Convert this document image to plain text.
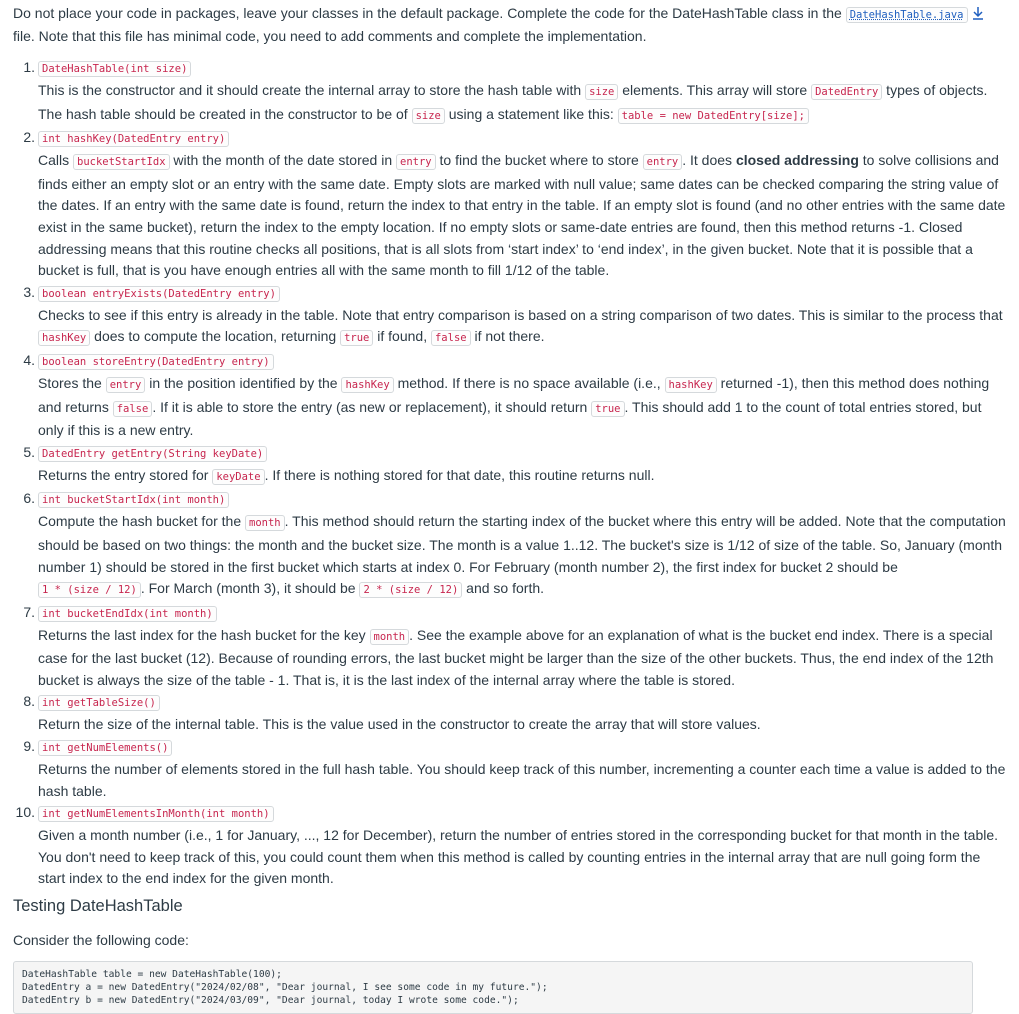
Do not place your code in packages, leave your classes in the default package. Complete the code for the DateHashTable class in the DateHashTable.java file. Note that this file has minimal code, you need to add comments and complete the implementation.

1. DateHashTable(int size)

This is the constructor and it should create the internal array to store the hash table with size elements. This array will store DatedEntry types of objects. The hash table should be created in the constructor to be of size using a statement like this: table = new DatedEntry[size];

2. int hashKey(DatedEntry entry)

Calls bucketStartIdx with the month of the date stored in entry to find the bucket where to store entry . It does closed addressing to solve collisions and finds either an empty slot or an entry with the same date. Empty slots are marked with null value; same dates can be checked comparing the string value of the dates. If an entry with the same date is found, return the index to that entry in the table. If an empty slot is found (and no other entries with the same date exist in the same bucket), return the index to the empty location. If no empty slots or same-date entries are found, then this method returns -1. Closed addressing means that this routine checks all positions, that is all slots from ‘start index’ to ‘end index’, in the given bucket. Note that it is possible that a bucket is full, that is you have enough entries all with the same month to fill 1/12 of the table.

3. boolean entryExists(DatedEntry entry)

Checks to see if this entry is already in the table. Note that entry comparison is based on a string comparison of two dates. This is similar to the process that hashKey does to compute the location, returning true if found, false if not there.

4. boolean storeEntry(DatedEntry entry)

Stores the entry in the position identified by the hashKey method. If there is no space available (i.e., hashKey returned -1), then this method does nothing and returns false . If it is able to store the entry (as new or replacement), it should return true . This should add 1 to the count of total entries stored, but only if this is a new entry.

5. DatedEntry getEntry(String keyDate)

Returns the entry stored for keyDate . If there is nothing stored for that date, this routine returns null.

6. int bucketStartIdx(int month)

Compute the hash bucket for the month . This method should return the starting index of the bucket where this entry will be added. Note that the computation should be based on two things: the month and the bucket size. The month is a value 1..12. The bucket's size is 1/12 of size of the table. So, January (month number 1) should be stored in the first bucket which starts at index 0. For February (month number 2), the first index for bucket 2 should be 1 * (size / 12) . For March (month 3), it should be 2 * (size / 12) and so forth.

7. int bucketEndIdx(int month)

Returns the last index for the hash bucket for the key month . See the example above for an explanation of what is the bucket end index. There is a special case for the last bucket (12). Because of rounding errors, the last bucket might be larger than the size of the other buckets. Thus, the end index of the 12th bucket is always the size of the table - 1. That is, it is the last index of the internal array where the table is stored.

8. int getTableSize()

Return the size of the internal table. This is the value used in the constructor to create the array that will store values.

9. int getNumElements()

Returns the number of elements stored in the full hash table. You should keep track of this number, incrementing a counter each time a value is added to the hash table.

10. int getNumElementsInMonth(int month)

Given a month number (i.e., 1 for January, ..., 12 for December), return the number of entries stored in the corresponding bucket for that month in the table. You don't need to keep track of this, you could count them when this method is called by counting entries in the internal array that are null going form the start index to the end index for the given month.

Testing DateHashTable

Consider the following code:

DateHashTable table = new DateHashTable(100);
DatedEntry a = new DatedEntry("2024/02/08", "Dear journal, I see some code in my future.");
DatedEntry b = new DatedEntry("2024/03/09", "Dear journal, today I wrote some code.");
